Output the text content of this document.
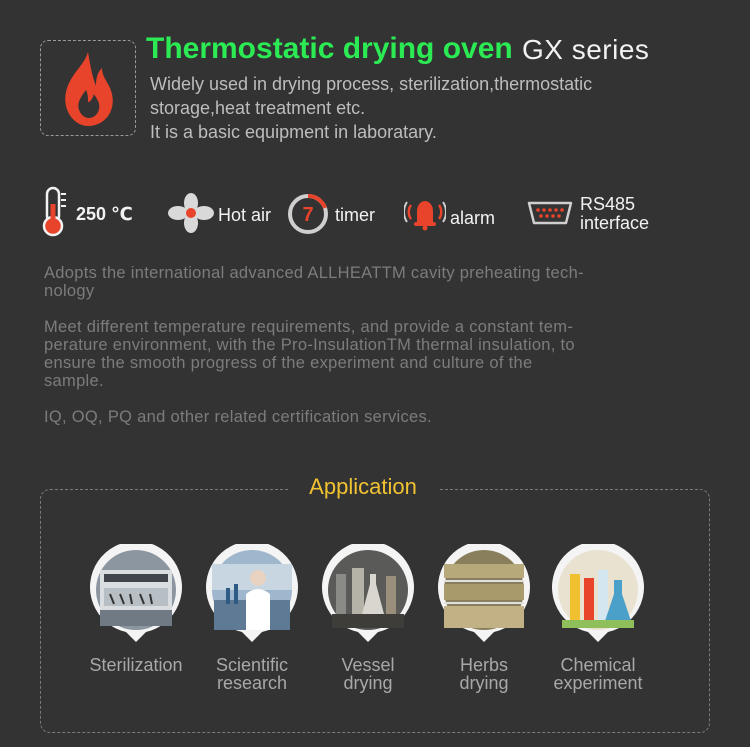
Thermostatic drying oven GX series
Widely used in drying process, sterilization,thermostatic
storage,heat treatment etc.
It is a basic equipment in laboratary.
250 ℃	Hot air 7 timer	alarm
RS485
interface
Adopts the international advanced ALLHEATTM cavity preheating tech-
nology
Meet different temperature requirements, and provide a constant tem-
perature environment, with the Pro-InsulationTM thermal insulation, to
ensure the smooth progress of the experiment and culture of the
sample.
IQ, OQ, PQ and other related certification services.
Application
Sterilization	Scientific
research
Vessel
drying
Herbs
drying
Chemical
experiment
